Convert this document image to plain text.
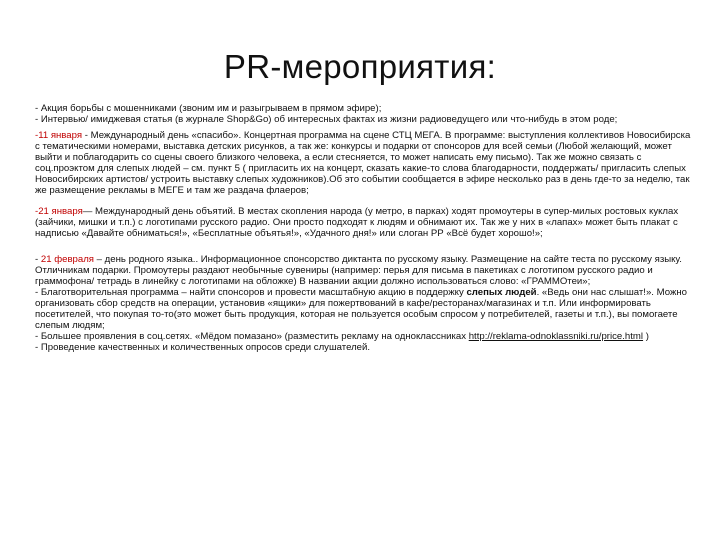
PR-мероприятия:

- Акция борьбы с мошенниками (звоним им и разыгрываем в прямом эфире);

- Интервью/ имиджевая статья (в журнале Shop&Go) об интересных фактах из жизни радиоведущего или что-нибудь в этом роде;

-11 января - Международный день «спасибо». Концертная программа на сцене СТЦ МЕГА. В программе: выступления коллективов Новосибирска с тематическими номерами, выставка детских рисунков, а так же: конкурсы и подарки от спонсоров для всей семьи (Любой желающий, может выйти и поблагодарить со сцены своего близкого человека, а если стесняется, то может написать ему письмо). Так же можно связать с соц.проэктом для слепых людей – см. пункт 5 ( пригласить их на концерт, сказать какие-то слова благодарности, поддержать/ пригласить слепых Новосибирских артистов/ устроить выставку слепых художников).Об это событии сообщается в эфире несколько раз в день где-то за неделю, так же размещение рекламы в МЕГЕ и там же раздача флаеров;

-21 января— Международный день объятий. В местах скопления народа (у метро, в парках) ходят промоутеры в супер-милых ростовых куклах (зайчики, мишки и т.п.) с логотипами русского радио. Они просто подходят к людям и обнимают их. Так же у них в «лапах» может быть плакат с надписью «Давайте обниматься!», «Бесплатные объятья!», «Удачного дня!» или слоган РР «Всё будет хорошо!»;

- 21 февраля – день родного языка.. Информационное спонсорство диктанта по русскому языку. Размещение на сайте теста по русскому языку. Отличникам подарки. Промоутеры раздают необычные сувениры (например: перья для письма в пакетиках с логотипом русского радио и граммофона/ тетрадь в линейку с логотипами на обложке) В названии акции должно использоваться слово: «ГРАММОтеи»;

- Благотворительная программа – найти спонсоров и провести масштабную акцию в поддержку слепых людей. «Ведь они нас слышат!». Можно организовать сбор средств на операции, установив «ящики» для пожертвований в кафе/ресторанах/магазинах и т.п. Или информировать посетителей, что покупая то-то(это может быть продукция, которая не пользуется особым спросом у потребителей, газеты и т.п.), вы помогаете слепым людям;

- Большее проявления в соц.сетях. «Мёдом помазано» (разместить рекламу на одноклассниках http://reklama-odnoklassniki.ru/price.html )

- Проведение качественных и количественных опросов среди слушателей.
